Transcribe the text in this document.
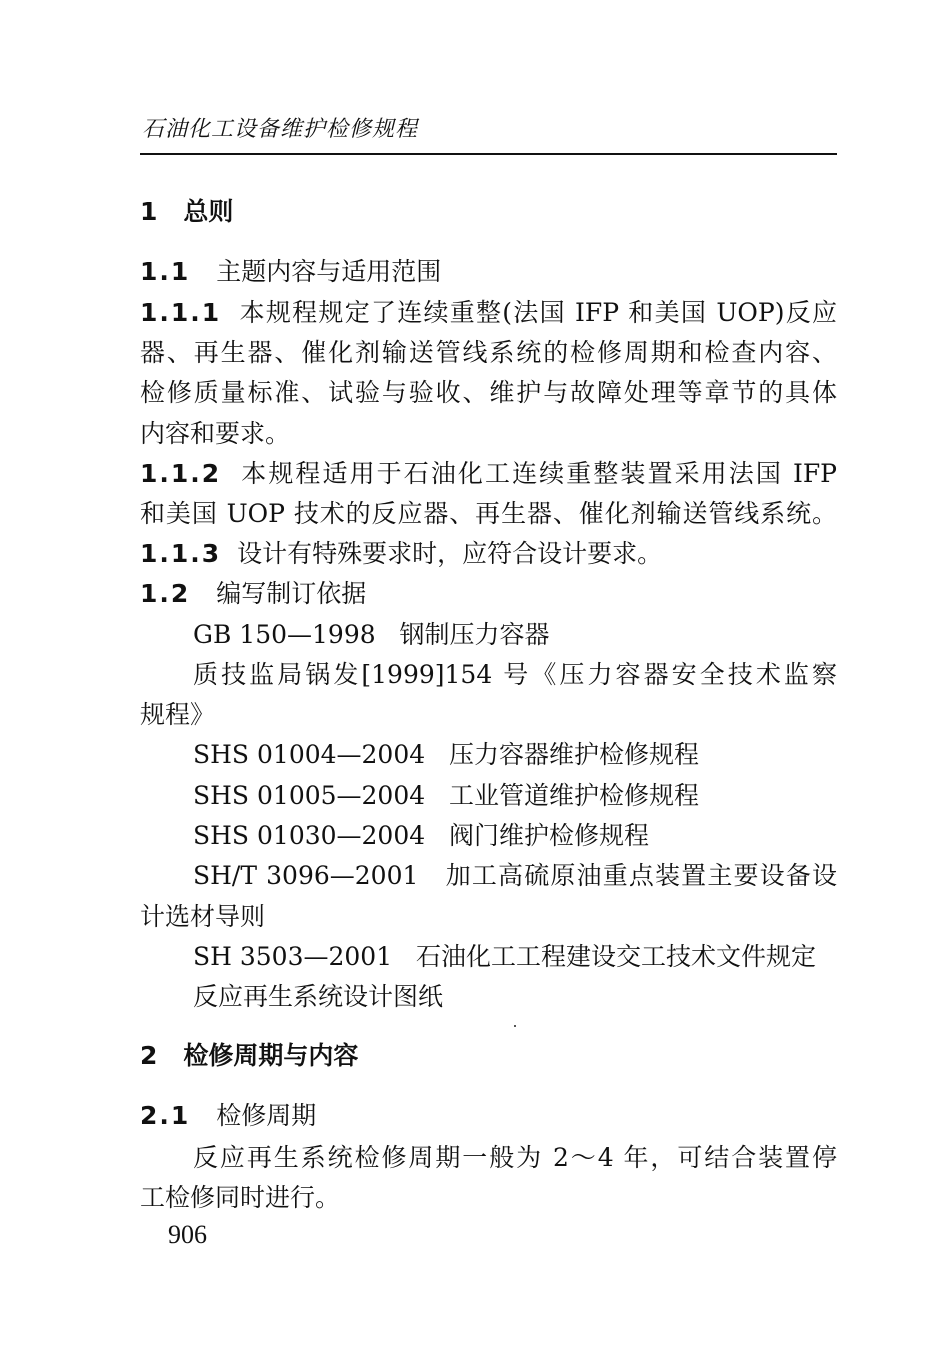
石油化工设备维护检修规程
1 总则
1.1 主题内容与适用范围
1.1.1 本规程规定了连续重整(法国 IFP 和美国 UOP)反应
器、再生器、催化剂输送管线系统的检修周期和检查内容、
检修质量标准、试验与验收、维护与故障处理等章节的具体
内容和要求。
1.1.2 本规程适用于石油化工连续重整装置采用法国 IFP
和美国 UOP 技术的反应器、再生器、催化剂输送管线系统。
1.1.3 设计有特殊要求时，应符合设计要求。
1.2 编写制订依据
GB 150—1998 钢制压力容器
质技监局锅发[1999]154 号《压力容器安全技术监察
规程》
SHS 01004—2004 压力容器维护检修规程
SHS 01005—2004 工业管道维护检修规程
SHS 01030—2004 阀门维护检修规程
SH/T 3096—2001 加工高硫原油重点装置主要设备设
计选材导则
SH 3503—2001 石油化工工程建设交工技术文件规定
反应再生系统设计图纸
2 检修周期与内容
2.1 检修周期
反应再生系统检修周期一般为 2～4 年，可结合装置停
工检修同时进行。
906
